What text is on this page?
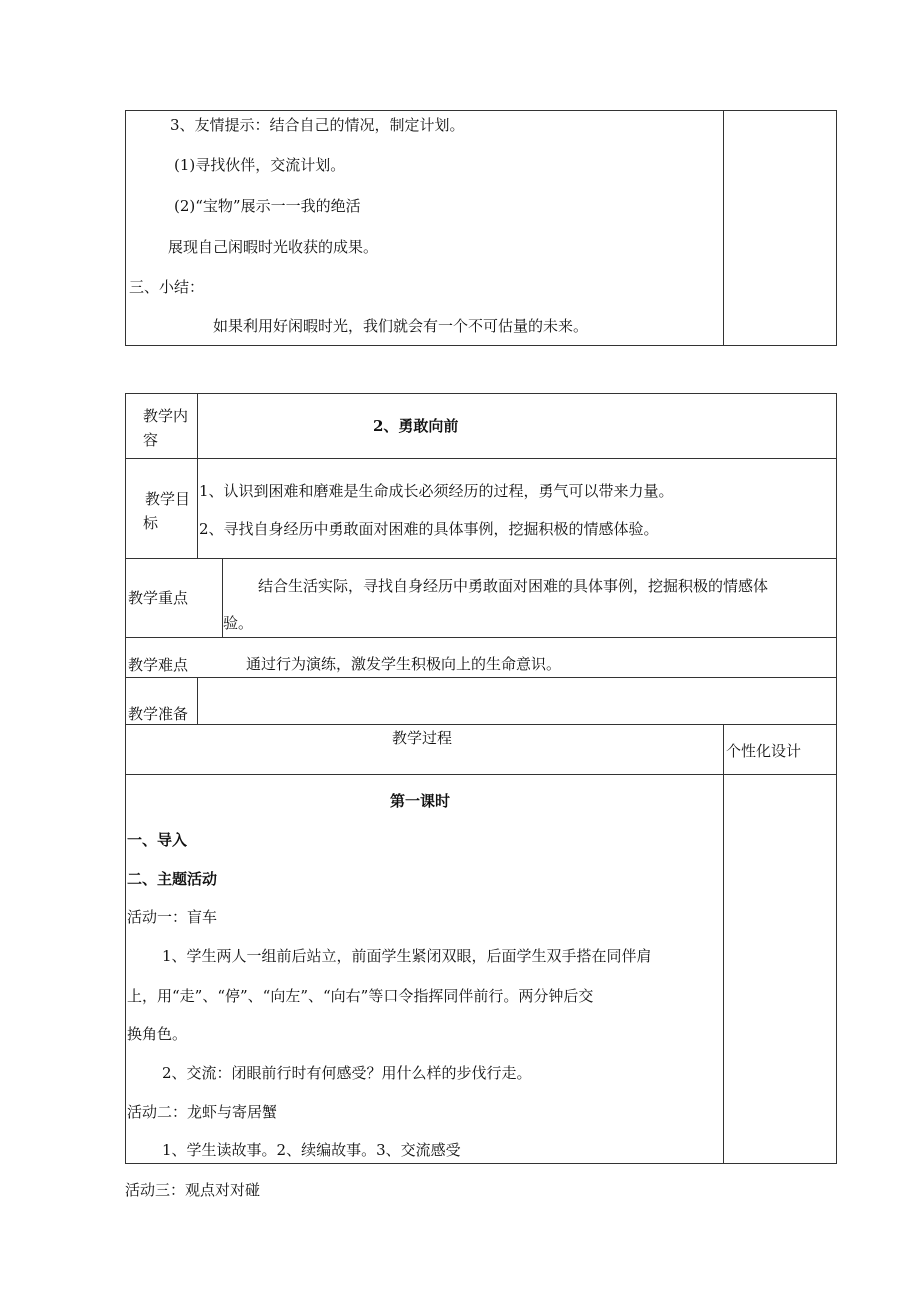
3、友情提示：结合自己的情况，制定计划。
(1)寻找伙伴，交流计划。
(2)“宝物”展示一一我的绝活
展现自己闲暇时光收获的成果。
三、小结：
如果利用好闲暇时光，我们就会有一个不可估量的未来。
教学内
容
2、勇敢向前
教学目
标
1、认识到困难和磨难是生命成长必须经历的过程，勇气可以带来力量。
2、寻找自身经历中勇敢面对困难的具体事例，挖掘积极的情感体验。
教学重点
结合生活实际，寻找自身经历中勇敢面对困难的具体事例，挖掘积极的情感体
验。
教学难点	通过行为演练，激发学生积极向上的生命意识。
教学准备
教学过程
个性化设计
第一课时
一、导入
二、主题活动
活动一：盲车
1、学生两人一组前后站立，前面学生紧闭双眼，后面学生双手搭在同伴肩
上，用“走”、“停”、“向左”、“向右”等口令指挥同伴前行。两分钟后交
换角色。
2、交流：闭眼前行时有何感受？用什么样的步伐行走。
活动二：龙虾与寄居蟹
1、学生读故事。2、续编故事。3、交流感受
活动三：观点对对碰
